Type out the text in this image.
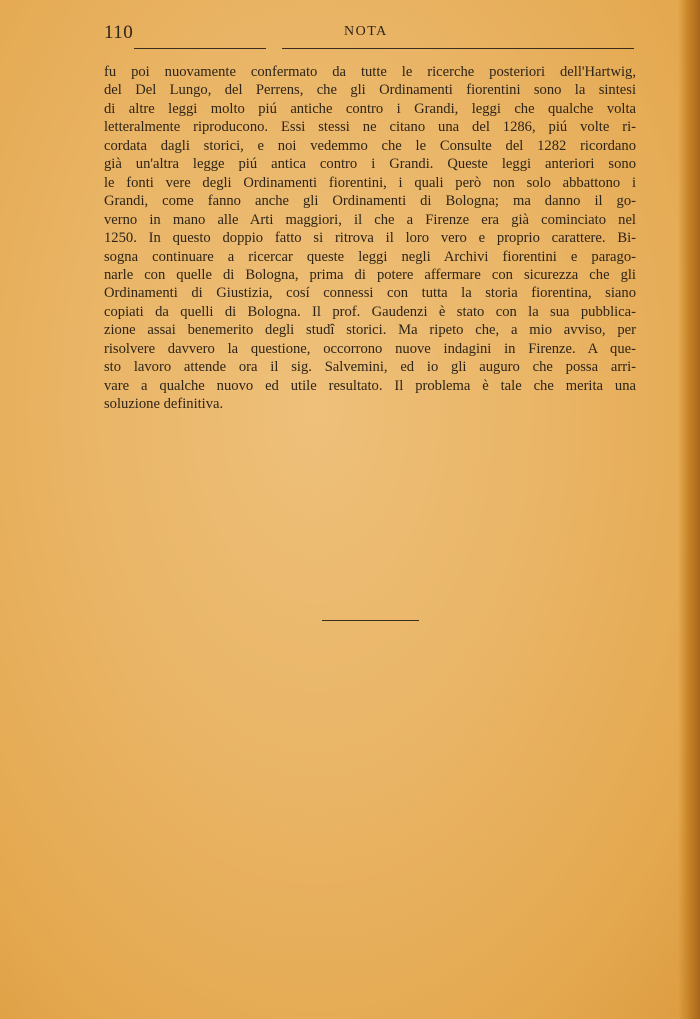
110	NOTA
fu poi nuovamente confermato da tutte le ricerche posteriori dell'Hartwig,
del Del Lungo, del Perrens, che gli Ordinamenti fiorentini sono la sintesi
di altre leggi molto piú antiche contro i Grandi, leggi che qualche volta
letteralmente riproducono. Essi stessi ne citano una del 1286, piú volte ri-
cordata dagli storici, e noi vedemmo che le Consulte del 1282 ricordano
già un'altra legge piú antica contro i Grandi. Queste leggi anteriori sono
le fonti vere degli Ordinamenti fiorentini, i quali però non solo abbattono i
Grandi, come fanno anche gli Ordinamenti di Bologna; ma danno il go-
verno in mano alle Arti maggiori, il che a Firenze era già cominciato nel
1250. In questo doppio fatto si ritrova il loro vero e proprio carattere. Bi-
sogna continuare a ricercar queste leggi negli Archivi fiorentini e parago-
narle con quelle di Bologna, prima di potere affermare con sicurezza che gli
Ordinamenti di Giustizia, cosí connessi con tutta la storia fiorentina, siano
copiati da quelli di Bologna. Il prof. Gaudenzi è stato con la sua pubblica-
zione assai benemerito degli studî storici. Ma ripeto che, a mio avviso, per
risolvere davvero la questione, occorrono nuove indagini in Firenze. A que-
sto lavoro attende ora il sig. Salvemini, ed io gli auguro che possa arri-
vare a qualche nuovo ed utile resultato. Il problema è tale che merita una
soluzione definitiva.
